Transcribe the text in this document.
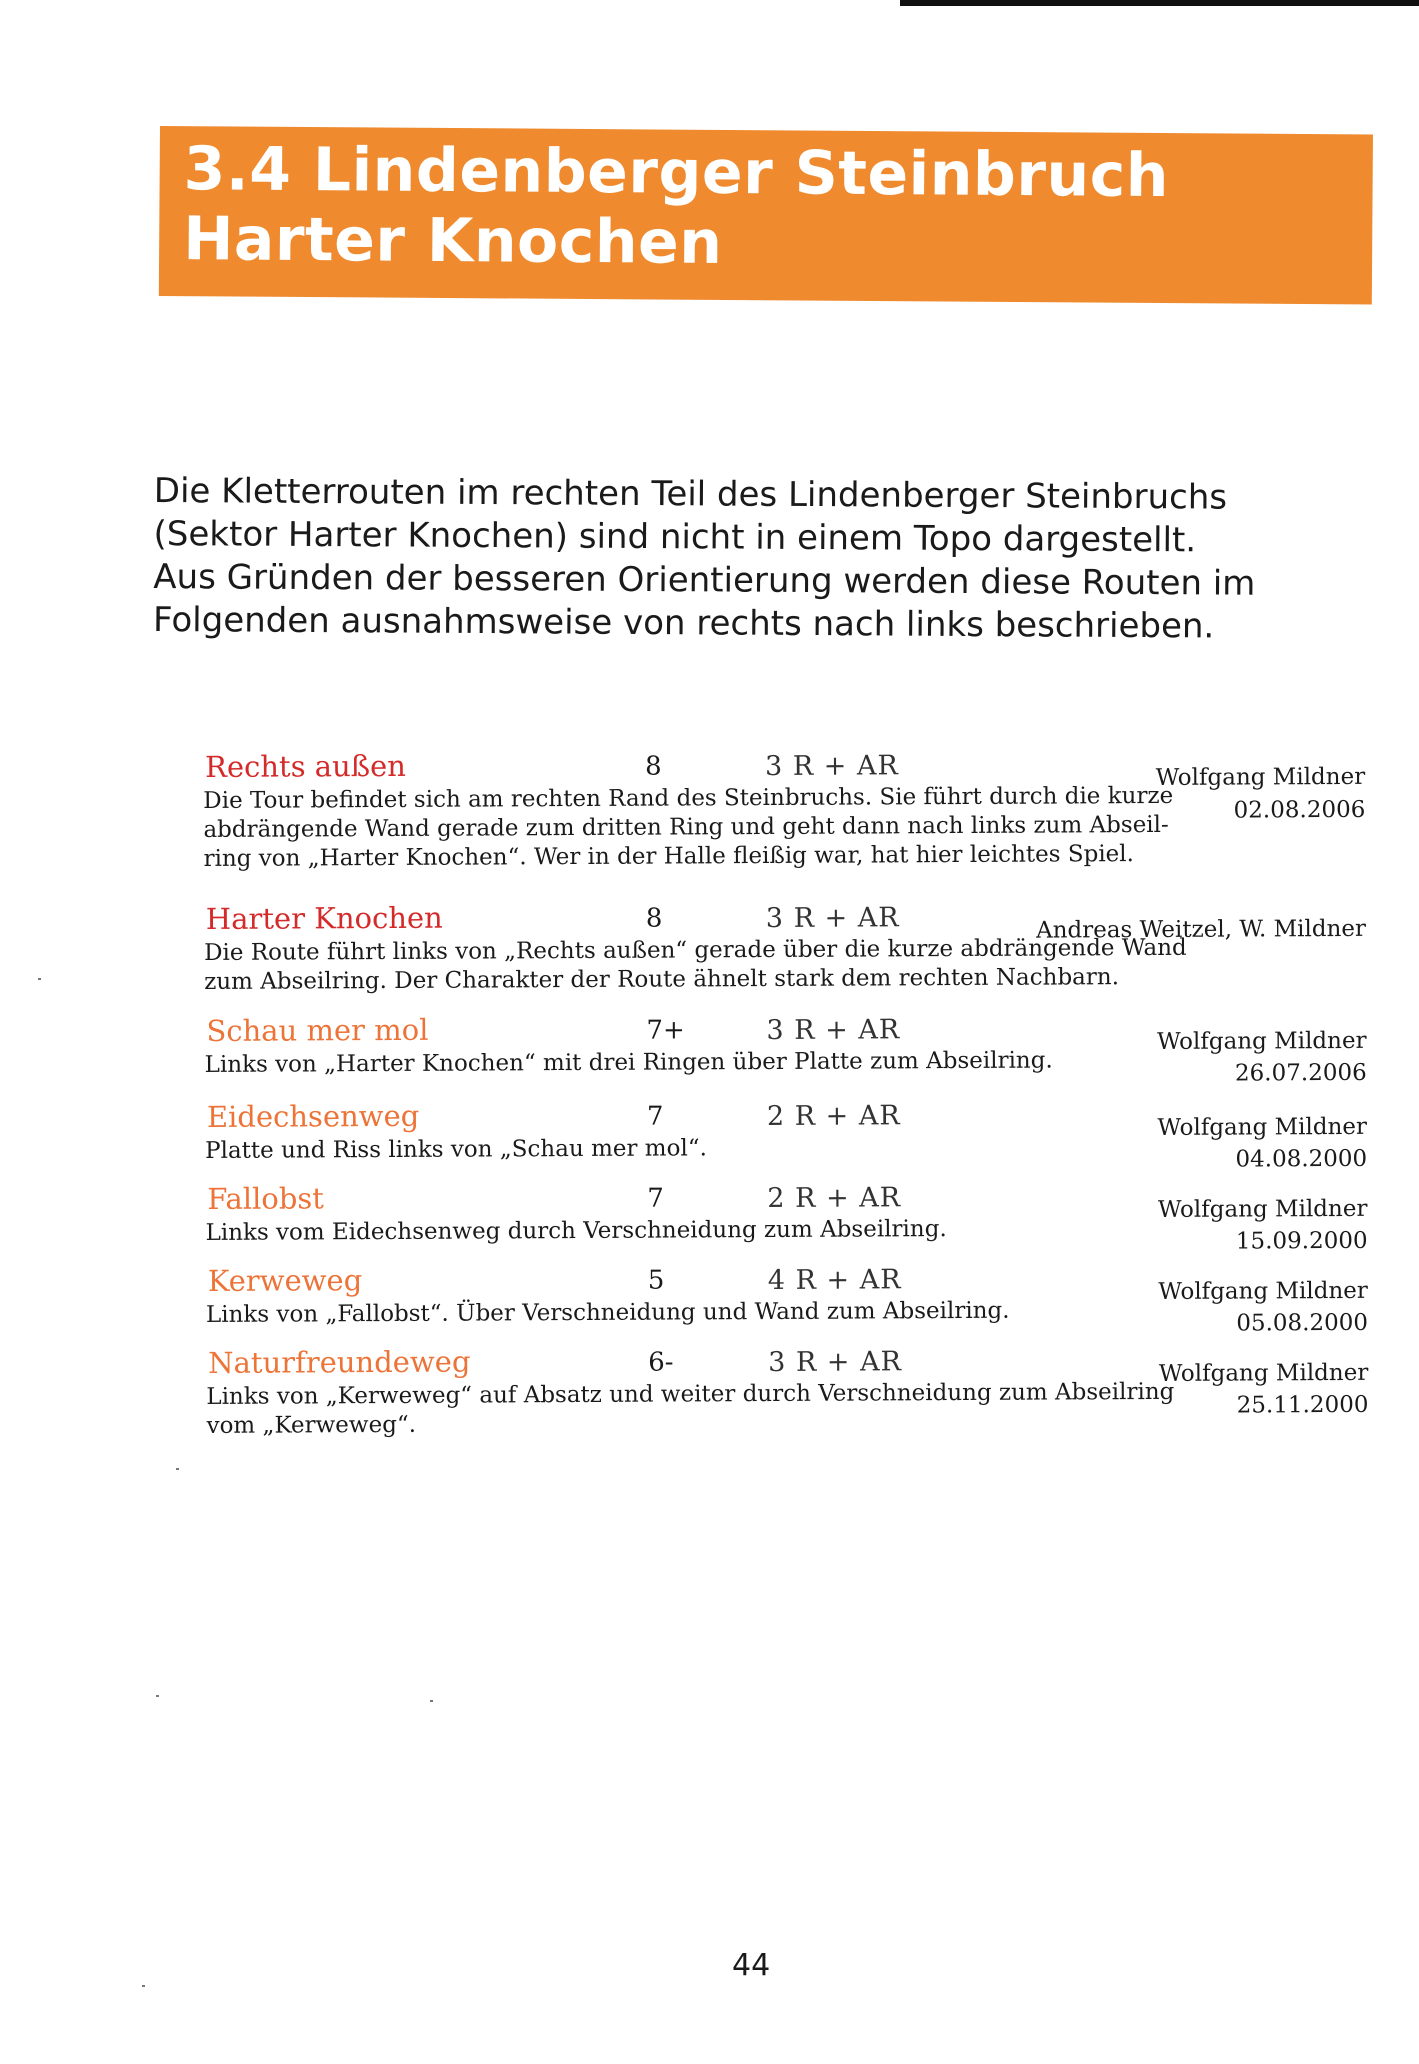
3.4 Lindenberger Steinbruch
Harter Knochen

Die Kletterrouten im rechten Teil des Lindenberger Steinbruchs

(Sektor Harter Knochen) sind nicht in einem Topo dargestellt.

Aus Gründen der besseren Orientierung werden diese Routen im

Folgenden ausnahmsweise von rechts nach links beschrieben.

Rechts außen	8	3 R + AR	Wolfgang Mildner
02.08.2006

Die Tour befindet sich am rechten Rand des Steinbruchs. Sie führt durch die kurze

abdrängende Wand gerade zum dritten Ring und geht dann nach links zum Abseil-

ring von „Harter Knochen“. Wer in der Halle fleißig war, hat hier leichtes Spiel.

Harter Knochen	8	3 R + AR	Andreas Weitzel, W. Mildner

Die Route führt links von „Rechts außen“ gerade über die kurze abdrängende Wand

zum Abseilring. Der Charakter der Route ähnelt stark dem rechten Nachbarn.

Schau mer mol	7+	3 R + AR	Wolfgang Mildner
26.07.2006

Links von „Harter Knochen“ mit drei Ringen über Platte zum Abseilring.

Eidechsenweg	7	2 R + AR	Wolfgang Mildner
04.08.2000

Platte und Riss links von „Schau mer mol“.

Fallobst	7	2 R + AR	Wolfgang Mildner
15.09.2000

Links vom Eidechsenweg durch Verschneidung zum Abseilring.

Kerweweg	5	4 R + AR	Wolfgang Mildner
05.08.2000

Links von „Fallobst“. Über Verschneidung und Wand zum Abseilring.

Naturfreundeweg	6-	3 R + AR	Wolfgang Mildner
25.11.2000

Links von „Kerweweg“ auf Absatz und weiter durch Verschneidung zum Abseilring

vom „Kerweweg“.

44
